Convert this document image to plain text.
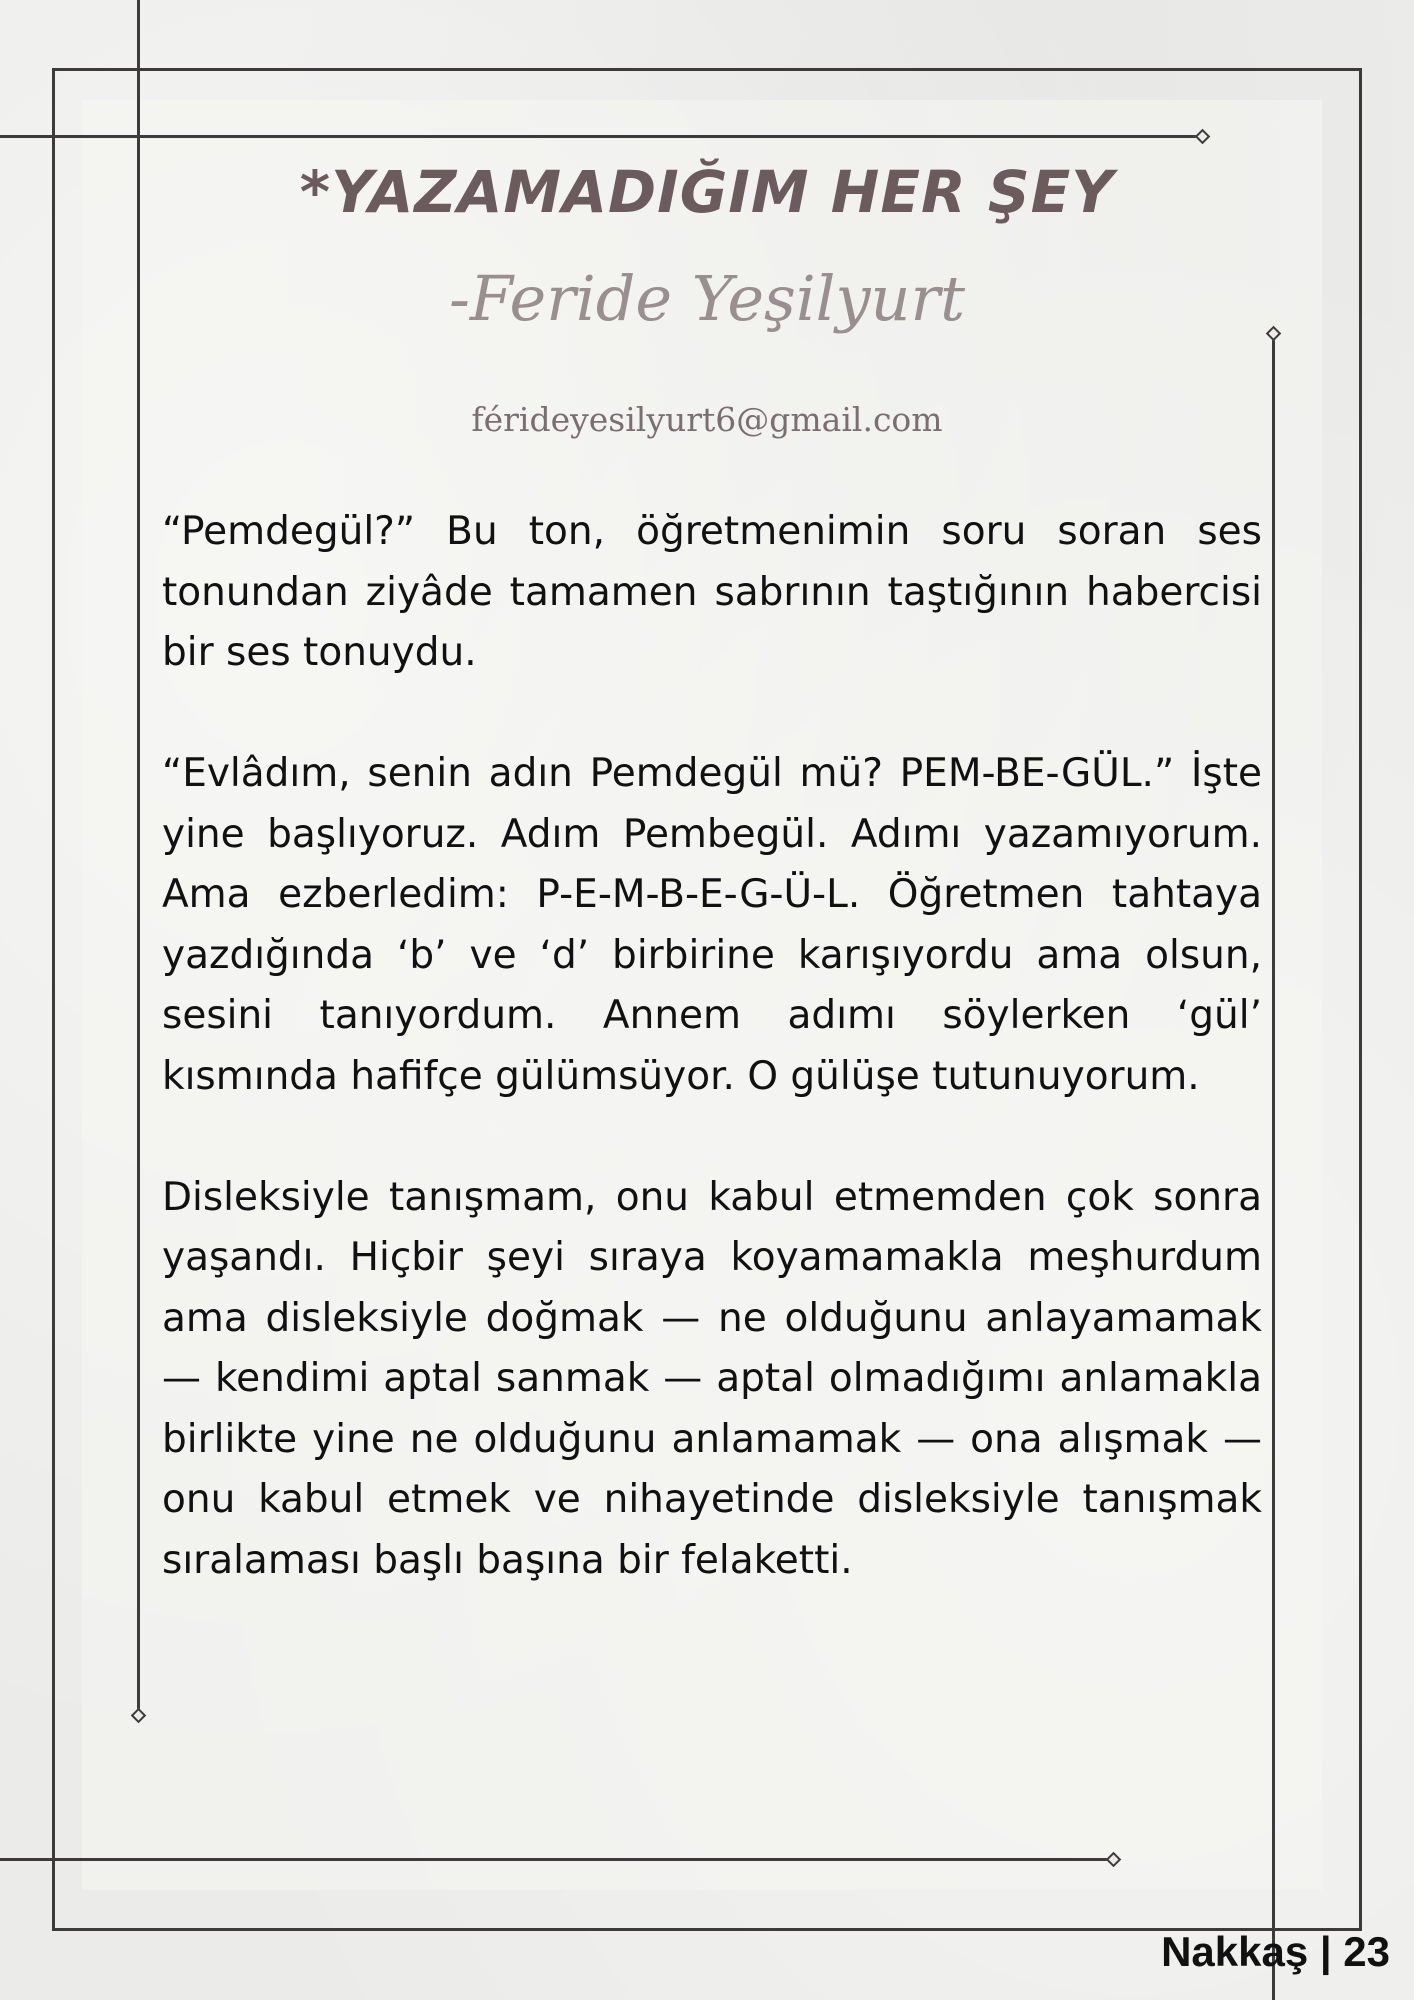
*YAZAMADIĞIM HER ŞEY
-Feride Yeşilyurt
férideyesilyurt6@gmail.com

“Pemdegül?” Bu ton, öğretmenimin soru soran ses tonundan ziyâde tamamen sabrının taştığının habercisi bir ses tonuydu.

“Evlâdım, senin adın Pemdegül mü? PEM-BE-GÜL.” İşte yine başlıyoruz. Adım Pembegül. Adımı yazamıyorum. Ama ezberledim: P-E-M-B-E-G-Ü-L. Öğretmen tahtaya yazdığında ‘b’ ve ‘d’ birbirine karışıyordu ama olsun, sesini tanıyordum. Annem adımı söylerken ‘gül’ kısmında hafifçe gülümsüyor. O gülüşe tutunuyorum.

Disleksiyle tanışmam, onu kabul etmemden çok sonra yaşandı. Hiçbir şeyi sıraya koyamamakla meşhurdum ama disleksiyle doğmak — ne olduğunu anlayamamak — kendimi aptal sanmak — aptal olmadığımı anlamakla birlikte yine ne olduğunu anlamamak — ona alışmak — onu kabul etmek ve nihayetinde disleksiyle tanışmak sıralaması başlı başına bir felaketti.

Nakkaş | 23
